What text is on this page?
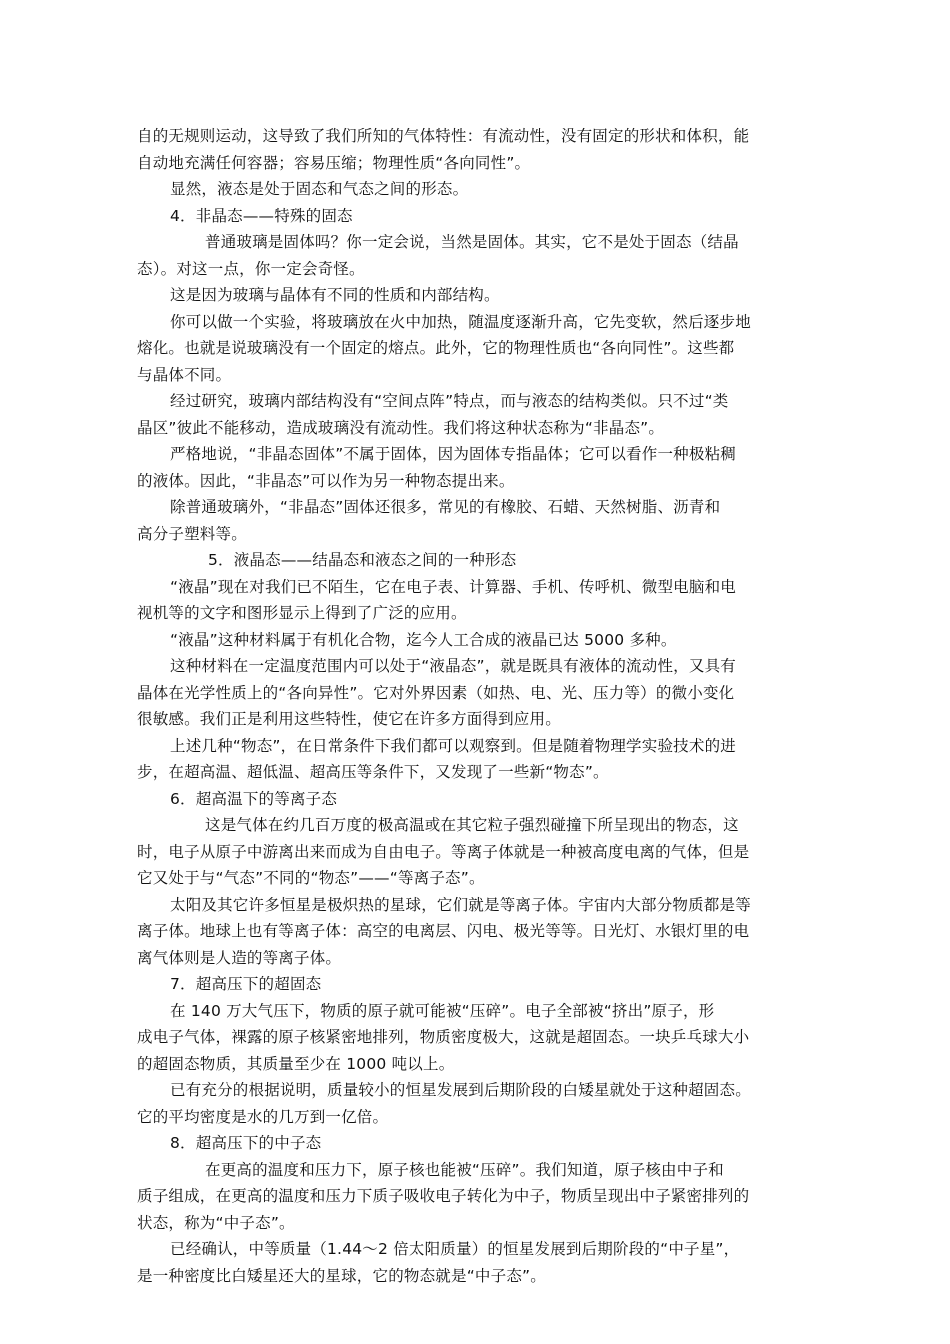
自的无规则运动，这导致了我们所知的气体特性：有流动性，没有固定的形状和体积，能
自动地充满任何容器；容易压缩；物理性质“各向同性”。
显然，液态是处于固态和气态之间的形态。
4．非晶态——特殊的固态
普通玻璃是固体吗？你一定会说，当然是固体。其实，它不是处于固态（结晶
态）。对这一点，你一定会奇怪。
这是因为玻璃与晶体有不同的性质和内部结构。
你可以做一个实验，将玻璃放在火中加热，随温度逐渐升高，它先变软，然后逐步地
熔化。也就是说玻璃没有一个固定的熔点。此外，它的物理性质也“各向同性”。这些都
与晶体不同。
经过研究，玻璃内部结构没有“空间点阵”特点，而与液态的结构类似。只不过“类
晶区”彼此不能移动，造成玻璃没有流动性。我们将这种状态称为“非晶态”。
严格地说，“非晶态固体”不属于固体，因为固体专指晶体；它可以看作一种极粘稠
的液体。因此，“非晶态”可以作为另一种物态提出来。
除普通玻璃外，“非晶态”固体还很多，常见的有橡胶、石蜡、天然树脂、沥青和
高分子塑料等。
5．液晶态——结晶态和液态之间的一种形态
“液晶”现在对我们已不陌生，它在电子表、计算器、手机、传呼机、微型电脑和电
视机等的文字和图形显示上得到了广泛的应用。
“液晶”这种材料属于有机化合物，迄今人工合成的液晶已达 5000 多种。
这种材料在一定温度范围内可以处于“液晶态”，就是既具有液体的流动性，又具有
晶体在光学性质上的“各向异性”。它对外界因素（如热、电、光、压力等）的微小变化
很敏感。我们正是利用这些特性，使它在许多方面得到应用。
上述几种“物态”，在日常条件下我们都可以观察到。但是随着物理学实验技术的进
步，在超高温、超低温、超高压等条件下，又发现了一些新“物态”。
6．超高温下的等离子态
这是气体在约几百万度的极高温或在其它粒子强烈碰撞下所呈现出的物态，这
时，电子从原子中游离出来而成为自由电子。等离子体就是一种被高度电离的气体，但是
它又处于与“气态”不同的“物态”——“等离子态”。
太阳及其它许多恒星是极炽热的星球，它们就是等离子体。宇宙内大部分物质都是等
离子体。地球上也有等离子体：高空的电离层、闪电、极光等等。日光灯、水银灯里的电
离气体则是人造的等离子体。
7．超高压下的超固态
在 140 万大气压下，物质的原子就可能被“压碎”。电子全部被“挤出”原子，形
成电子气体，裸露的原子核紧密地排列，物质密度极大，这就是超固态。一块乒乓球大小
的超固态物质，其质量至少在 1000 吨以上。
已有充分的根据说明，质量较小的恒星发展到后期阶段的白矮星就处于这种超固态。
它的平均密度是水的几万到一亿倍。
8．超高压下的中子态
在更高的温度和压力下，原子核也能被“压碎”。我们知道，原子核由中子和
质子组成，在更高的温度和压力下质子吸收电子转化为中子，物质呈现出中子紧密排列的
状态，称为“中子态”。
已经确认，中等质量（1.44～2 倍太阳质量）的恒星发展到后期阶段的“中子星”，
是一种密度比白矮星还大的星球，它的物态就是“中子态”。
